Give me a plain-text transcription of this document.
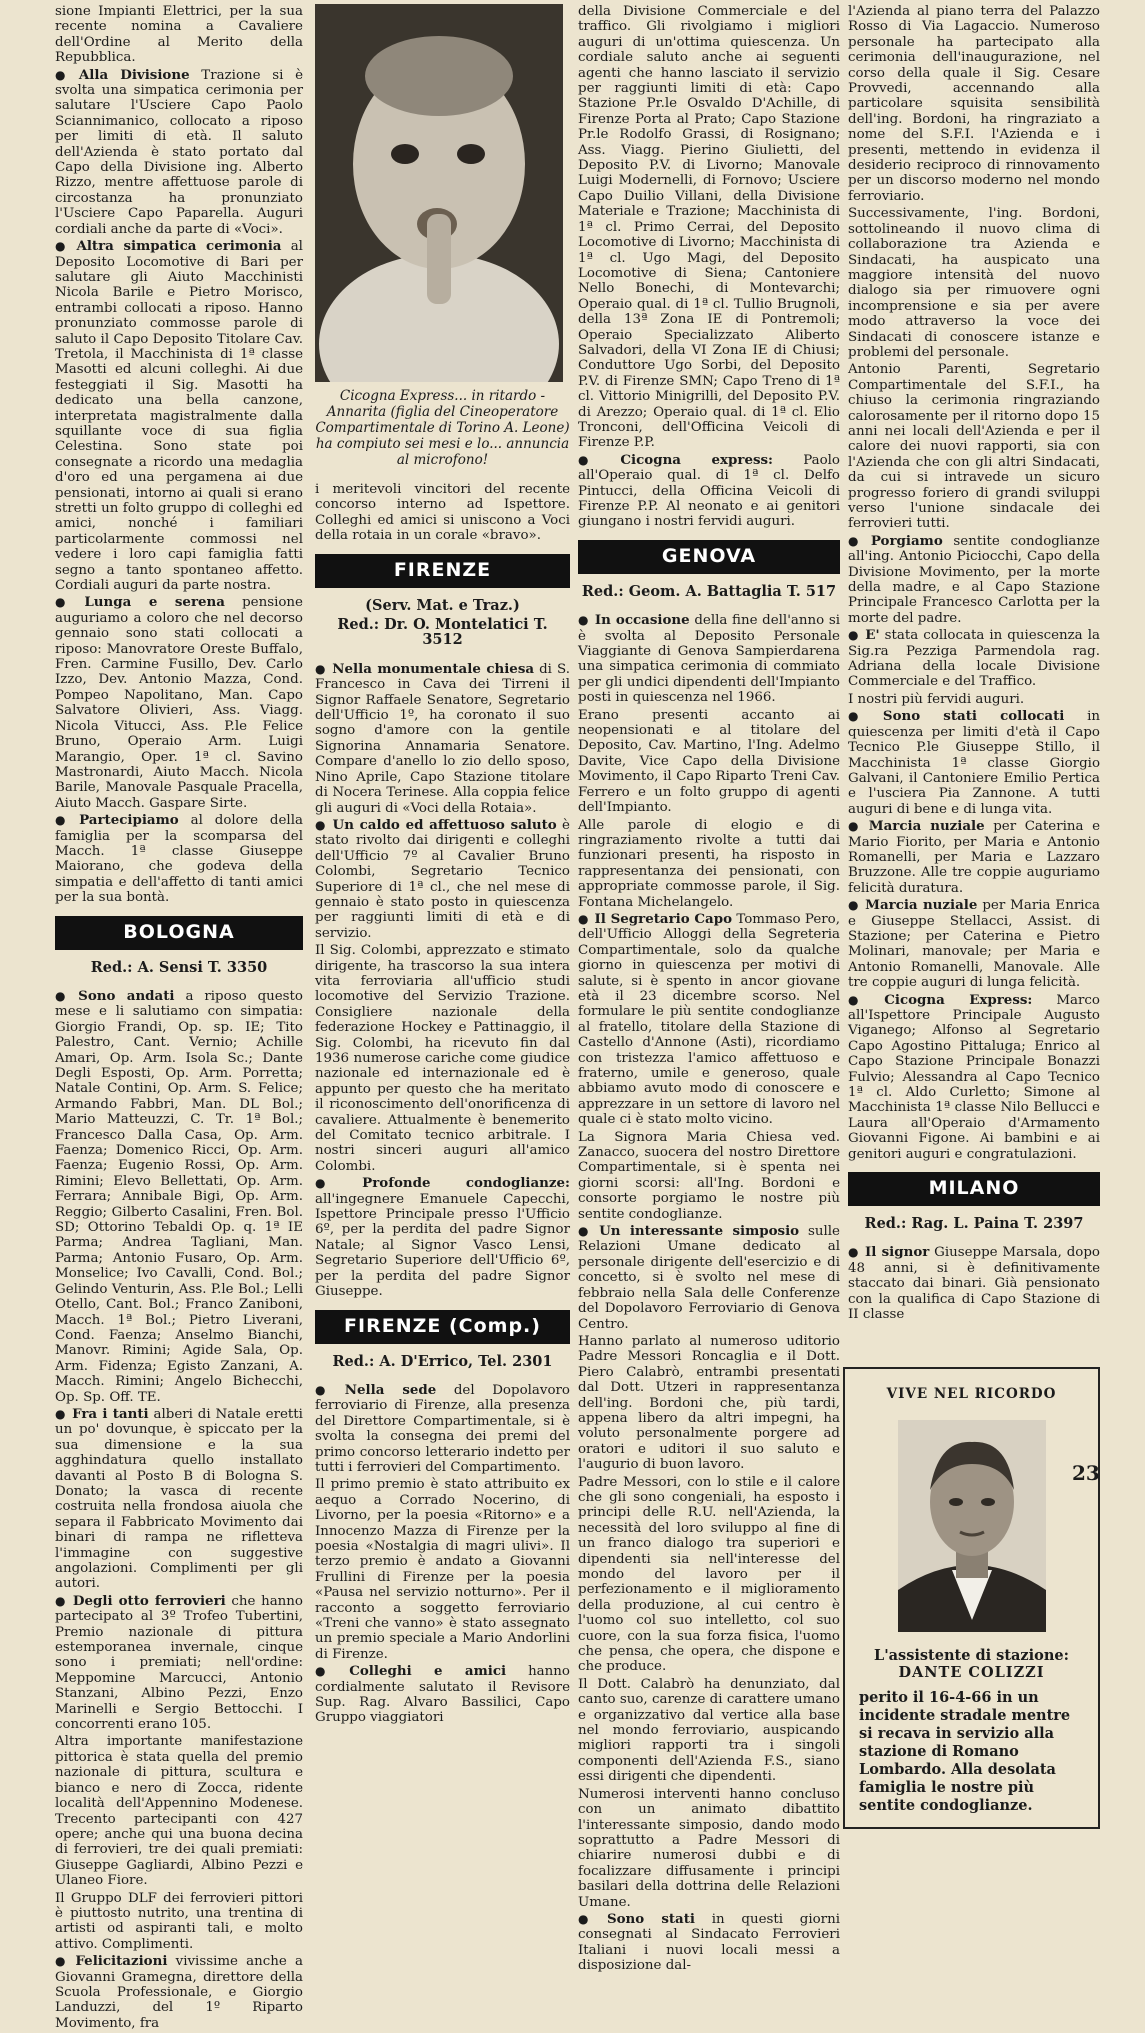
sione Impianti Elettrici, per la sua recente nomina a Cavaliere dell'Ordine al Merito della Repubblica.

● Alla Divisione Trazione si è svolta una simpatica cerimonia per salutare l'Usciere Capo Paolo Sciannimanico, collocato a riposo per limiti di età. Il saluto dell'Azienda è stato portato dal Capo della Divisione ing. Alberto Rizzo, mentre affettuose parole di circostanza ha pronunziato l'Usciere Capo Paparella. Auguri cordiali anche da parte di «Voci».

● Altra simpatica cerimonia al Deposito Locomotive di Bari per salutare gli Aiuto Macchinisti Nicola Barile e Pietro Morisco, entrambi collocati a riposo. Hanno pronunziato commosse parole di saluto il Capo Deposito Titolare Cav. Tretola, il Macchinista di 1ª classe Masotti ed alcuni colleghi. Ai due festeggiati il Sig. Masotti ha dedicato una bella canzone, interpretata magistralmente dalla squillante voce di sua figlia Celestina. Sono state poi consegnate a ricordo una medaglia d'oro ed una pergamena ai due pensionati, intorno ai quali si erano stretti un folto gruppo di colleghi ed amici, nonché i familiari particolarmente commossi nel vedere i loro capi famiglia fatti segno a tanto spontaneo affetto. Cordiali auguri da parte nostra.

● Lunga e serena pensione auguriamo a coloro che nel decorso gennaio sono stati collocati a riposo: Manovratore Oreste Buffalo, Fren. Carmine Fusillo, Dev. Carlo Izzo, Dev. Antonio Mazza, Cond. Pompeo Napolitano, Man. Capo Salvatore Olivieri, Ass. Viagg. Nicola Vitucci, Ass. P.le Felice Bruno, Operaio Arm. Luigi Marangio, Oper. 1ª cl. Savino Mastronardi, Aiuto Macch. Nicola Barile, Manovale Pasquale Pracella, Aiuto Macch. Gaspare Sirte.

● Partecipiamo al dolore della famiglia per la scomparsa del Macch. 1ª classe Giuseppe Maiorano, che godeva della simpatia e dell'affetto di tanti amici per la sua bontà.

BOLOGNA
Red.: A. Sensi T. 3350

● Sono andati a riposo questo mese e li salutiamo con simpatia: Giorgio Frandi, Op. sp. IE; Tito Palestro, Cant. Vernio; Achille Amari, Op. Arm. Isola Sc.; Dante Degli Esposti, Op. Arm. Porretta; Natale Contini, Op. Arm. S. Felice; Armando Fabbri, Man. DL Bol.; Mario Matteuzzi, C. Tr. 1ª Bol.; Francesco Dalla Casa, Op. Arm. Faenza; Domenico Ricci, Op. Arm. Faenza; Eugenio Rossi, Op. Arm. Rimini; Elevo Bellettati, Op. Arm. Ferrara; Annibale Bigi, Op. Arm. Reggio; Gilberto Casalini, Fren. Bol. SD; Ottorino Tebaldi Op. q. 1ª IE Parma; Andrea Tagliani, Man. Parma; Antonio Fusaro, Op. Arm. Monselice; Ivo Cavalli, Cond. Bol.; Gelindo Venturin, Ass. P.le Bol.; Lelli Otello, Cant. Bol.; Franco Zaniboni, Macch. 1ª Bol.; Pietro Liverani, Cond. Faenza; Anselmo Bianchi, Manovr. Rimini; Agide Sala, Op. Arm. Fidenza; Egisto Zanzani, A. Macch. Rimini; Angelo Bichecchi, Op. Sp. Off. TE.

● Fra i tanti alberi di Natale eretti un po' dovunque, è spiccato per la sua dimensione e la sua agghindatura quello installato davanti al Posto B di Bologna S. Donato; la vasca di recente costruita nella frondosa aiuola che separa il Fabbricato Movimento dai binari di rampa ne rifletteva l'immagine con suggestive angolazioni. Complimenti per gli autori.

● Degli otto ferrovieri che hanno partecipato al 3º Trofeo Tubertini, Premio nazionale di pittura estemporanea invernale, cinque sono i premiati; nell'ordine: Meppomine Marcucci, Antonio Stanzani, Albino Pezzi, Enzo Marinelli e Sergio Bettocchi. I concorrenti erano 105.

Altra importante manifestazione pittorica è stata quella del premio nazionale di pittura, scultura e bianco e nero di Zocca, ridente località dell'Appennino Modenese. Trecento partecipanti con 427 opere; anche qui una buona decina di ferrovieri, tre dei quali premiati: Giuseppe Gagliardi, Albino Pezzi e Ulaneo Fiore.

Il Gruppo DLF dei ferrovieri pittori è piuttosto nutrito, una trentina di artisti od aspiranti tali, e molto attivo. Complimenti.

● Felicitazioni vivissime anche a Giovanni Gramegna, direttore della Scuola Professionale, e Giorgio Landuzzi, del 1º Riparto Movimento, fra

Cicogna Express... in ritardo - Annarita (figlia del Cineoperatore Compartimentale di Torino A. Leone) ha compiuto sei mesi e lo... annuncia al microfono!

i meritevoli vincitori del recente concorso interno ad Ispettore. Colleghi ed amici si uniscono a Voci della rotaia in un corale «bravo».

FIRENZE
(Serv. Mat. e Traz.)
Red.: Dr. O. Montelatici T. 3512

● Nella monumentale chiesa di S. Francesco in Cava dei Tirreni il Signor Raffaele Senatore, Segretario dell'Ufficio 1º, ha coronato il suo sogno d'amore con la gentile Signorina Annamaria Senatore. Compare d'anello lo zio dello sposo, Nino Aprile, Capo Stazione titolare di Nocera Terinese. Alla coppia felice gli auguri di «Voci della Rotaia».

● Un caldo ed affettuoso saluto è stato rivolto dai dirigenti e colleghi dell'Ufficio 7º al Cavalier Bruno Colombi, Segretario Tecnico Superiore di 1ª cl., che nel mese di gennaio è stato posto in quiescenza per raggiunti limiti di età e di servizio.

Il Sig. Colombi, apprezzato e stimato dirigente, ha trascorso la sua intera vita ferroviaria all'ufficio studi locomotive del Servizio Trazione. Consigliere nazionale della federazione Hockey e Pattinaggio, il Sig. Colombi, ha ricevuto fin dal 1936 numerose cariche come giudice nazionale ed internazionale ed è appunto per questo che ha meritato il riconoscimento dell'onorificenza di cavaliere. Attualmente è benemerito del Comitato tecnico arbitrale. I nostri sinceri auguri all'amico Colombi.

● Profonde condoglianze: all'ingegnere Emanuele Capecchi, Ispettore Principale presso l'Ufficio 6º, per la perdita del padre Signor Natale; al Signor Vasco Lensi, Segretario Superiore dell'Ufficio 6º, per la perdita del padre Signor Giuseppe.

FIRENZE (Comp.)
Red.: A. D'Errico, Tel. 2301

● Nella sede del Dopolavoro ferroviario di Firenze, alla presenza del Direttore Compartimentale, si è svolta la consegna dei premi del primo concorso letterario indetto per tutti i ferrovieri del Compartimento.

Il primo premio è stato attribuito ex aequo a Corrado Nocerino, di Livorno, per la poesia «Ritorno» e a Innocenzo Mazza di Firenze per la poesia «Nostalgia di magri ulivi». Il terzo premio è andato a Giovanni Frullini di Firenze per la poesia «Pausa nel servizio notturno». Per il racconto a soggetto ferroviario «Treni che vanno» è stato assegnato un premio speciale a Mario Andorlini di Firenze.

● Colleghi e amici hanno cordialmente salutato il Revisore Sup. Rag. Alvaro Bassilici, Capo Gruppo viaggiatori

della Divisione Commerciale e del traffico. Gli rivolgiamo i migliori auguri di un'ottima quiescenza. Un cordiale saluto anche ai seguenti agenti che hanno lasciato il servizio per raggiunti limiti di età: Capo Stazione Pr.le Osvaldo D'Achille, di Firenze Porta al Prato; Capo Stazione Pr.le Rodolfo Grassi, di Rosignano; Ass. Viagg. Pierino Giulietti, del Deposito P.V. di Livorno; Manovale Luigi Modernelli, di Fornovo; Usciere Capo Duilio Villani, della Divisione Materiale e Trazione; Macchinista di 1ª cl. Primo Cerrai, del Deposito Locomotive di Livorno; Macchinista di 1ª cl. Ugo Magi, del Deposito Locomotive di Siena; Cantoniere Nello Bonechi, di Montevarchi; Operaio qual. di 1ª cl. Tullio Brugnoli, della 13ª Zona IE di Pontremoli; Operaio Specializzato Aliberto Salvadori, della VI Zona IE di Chiusi; Conduttore Ugo Sorbi, del Deposito P.V. di Firenze SMN; Capo Treno di 1ª cl. Vittorio Minigrilli, del Deposito P.V. di Arezzo; Operaio qual. di 1ª cl. Elio Tronconi, dell'Officina Veicoli di Firenze P.P.

● Cicogna express: Paolo all'Operaio qual. di 1ª cl. Delfo Pintucci, della Officina Veicoli di Firenze P.P. Al neonato e ai genitori giungano i nostri fervidi auguri.

GENOVA
Red.: Geom. A. Battaglia T. 517

● In occasione della fine dell'anno si è svolta al Deposito Personale Viaggiante di Genova Sampierdarena una simpatica cerimonia di commiato per gli undici dipendenti dell'Impianto posti in quiescenza nel 1966.

Erano presenti accanto ai neopensionati e al titolare del Deposito, Cav. Martino, l'Ing. Adelmo Davite, Vice Capo della Divisione Movimento, il Capo Riparto Treni Cav. Ferrero e un folto gruppo di agenti dell'Impianto.

Alle parole di elogio e di ringraziamento rivolte a tutti dai funzionari presenti, ha risposto in rappresentanza dei pensionati, con appropriate commosse parole, il Sig. Fontana Michelangelo.

● Il Segretario Capo Tommaso Pero, dell'Ufficio Alloggi della Segreteria Compartimentale, solo da qualche giorno in quiescenza per motivi di salute, si è spento in ancor giovane età il 23 dicembre scorso. Nel formulare le più sentite condoglianze al fratello, titolare della Stazione di Castello d'Annone (Asti), ricordiamo con tristezza l'amico affettuoso e fraterno, umile e generoso, quale abbiamo avuto modo di conoscere e apprezzare in un settore di lavoro nel quale ci è stato molto vicino.

La Signora Maria Chiesa ved. Zanacco, suocera del nostro Direttore Compartimentale, si è spenta nei giorni scorsi: all'Ing. Bordoni e consorte porgiamo le nostre più sentite condoglianze.

● Un interessante simposio sulle Relazioni Umane dedicato al personale dirigente dell'esercizio e di concetto, si è svolto nel mese di febbraio nella Sala delle Conferenze del Dopolavoro Ferroviario di Genova Centro.

Hanno parlato al numeroso uditorio Padre Messori Roncaglia e il Dott. Piero Calabrò, entrambi presentati dal Dott. Utzeri in rappresentanza dell'ing. Bordoni che, più tardi, appena libero da altri impegni, ha voluto personalmente porgere ad oratori e uditori il suo saluto e l'augurio di buon lavoro.

Padre Messori, con lo stile e il calore che gli sono congeniali, ha esposto i principi delle R.U. nell'Azienda, la necessità del loro sviluppo al fine di un franco dialogo tra superiori e dipendenti sia nell'interesse del mondo del lavoro per il perfezionamento e il miglioramento della produzione, al cui centro è l'uomo col suo intelletto, col suo cuore, con la sua forza fisica, l'uomo che pensa, che opera, che dispone e che produce.

Il Dott. Calabrò ha denunziato, dal canto suo, carenze di carattere umano e organizzativo dal vertice alla base nel mondo ferroviario, auspicando migliori rapporti tra i singoli componenti dell'Azienda F.S., siano essi dirigenti che dipendenti.

Numerosi interventi hanno concluso con un animato dibattito l'interessante simposio, dando modo soprattutto a Padre Messori di chiarire numerosi dubbi e di focalizzare diffusamente i principi basilari della dottrina delle Relazioni Umane.

● Sono stati in questi giorni consegnati al Sindacato Ferrovieri Italiani i nuovi locali messi a disposizione dal-

l'Azienda al piano terra del Palazzo Rosso di Via Lagaccio. Numeroso personale ha partecipato alla cerimonia dell'inaugurazione, nel corso della quale il Sig. Cesare Provvedi, accennando alla particolare squisita sensibilità dell'ing. Bordoni, ha ringraziato a nome del S.F.I. l'Azienda e i presenti, mettendo in evidenza il desiderio reciproco di rinnovamento per un discorso moderno nel mondo ferroviario.

Successivamente, l'ing. Bordoni, sottolineando il nuovo clima di collaborazione tra Azienda e Sindacati, ha auspicato una maggiore intensità del nuovo dialogo sia per rimuovere ogni incomprensione e sia per avere modo attraverso la voce dei Sindacati di conoscere istanze e problemi del personale.

Antonio Parenti, Segretario Compartimentale del S.F.I., ha chiuso la cerimonia ringraziando calorosamente per il ritorno dopo 15 anni nei locali dell'Azienda e per il calore dei nuovi rapporti, sia con l'Azienda che con gli altri Sindacati, da cui si intravede un sicuro progresso foriero di grandi sviluppi verso l'unione sindacale dei ferrovieri tutti.

● Porgiamo sentite condoglianze all'ing. Antonio Piciocchi, Capo della Divisione Movimento, per la morte della madre, e al Capo Stazione Principale Francesco Carlotta per la morte del padre.

● E' stata collocata in quiescenza la Sig.ra Pezziga Parmendola rag. Adriana della locale Divisione Commerciale e del Traffico.

I nostri più fervidi auguri.

● Sono stati collocati in quiescenza per limiti d'età il Capo Tecnico P.le Giuseppe Stillo, il Macchinista 1ª classe Giorgio Galvani, il Cantoniere Emilio Pertica e l'usciera Pia Zannone. A tutti auguri di bene e di lunga vita.

● Marcia nuziale per Caterina e Mario Fiorito, per Maria e Antonio Romanelli, per Maria e Lazzaro Bruzzone. Alle tre coppie auguriamo felicità duratura.

● Marcia nuziale per Maria Enrica e Giuseppe Stellacci, Assist. di Stazione; per Caterina e Pietro Molinari, manovale; per Maria e Antonio Romanelli, Manovale. Alle tre coppie auguri di lunga felicità.

● Cicogna Express: Marco all'Ispettore Principale Augusto Viganego; Alfonso al Segretario Capo Agostino Pittaluga; Enrico al Capo Stazione Principale Bonazzi Fulvio; Alessandra al Capo Tecnico 1ª cl. Aldo Curletto; Simone al Macchinista 1ª classe Nilo Bellucci e Laura all'Operaio d'Armamento Giovanni Figone. Ai bambini e ai genitori auguri e congratulazioni.

MILANO
Red.: Rag. L. Paina T. 2397

● Il signor Giuseppe Marsala, dopo 48 anni, si è definitivamente staccato dai binari. Già pensionato con la qualifica di Capo Stazione di II classe

VIVE NEL RICORDO
L'assistente di stazione:
DANTE COLIZZI
perito il 16-4-66 in un incidente stradale mentre si recava in servizio alla stazione di Romano Lombardo. Alla desolata famiglia le nostre più sentite condoglianze.
23
